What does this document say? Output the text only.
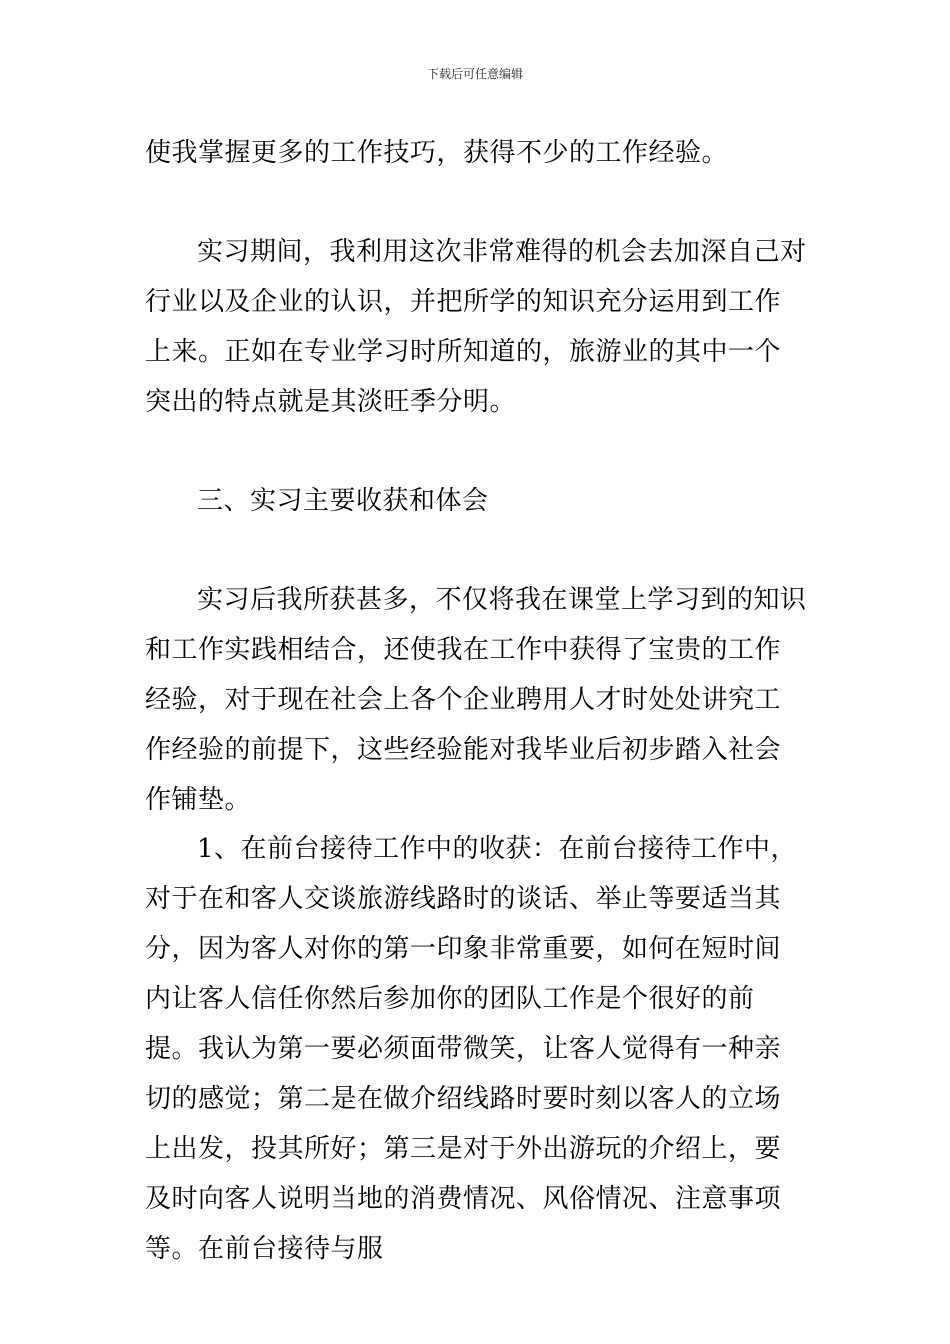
下载后可任意编辑

使我掌握更多的工作技巧，获得不少的工作经验。

实习期间，我利用这次非常难得的机会去加深自己对行业以及企业的认识，并把所学的知识充分运用到工作上来。正如在专业学习时所知道的，旅游业的其中一个突出的特点就是其淡旺季分明。

三、实习主要收获和体会

实习后我所获甚多，不仅将我在课堂上学习到的知识和工作实践相结合，还使我在工作中获得了宝贵的工作经验，对于现在社会上各个企业聘用人才时处处讲究工作经验的前提下，这些经验能对我毕业后初步踏入社会作铺垫。

1、在前台接待工作中的收获：在前台接待工作中，对于在和客人交谈旅游线路时的谈话、举止等要适当其分，因为客人对你的第一印象非常重要，如何在短时间内让客人信任你然后参加你的团队工作是个很好的前提。我认为第一要必须面带微笑，让客人觉得有一种亲切的感觉；第二是在做介绍线路时要时刻以客人的立场上出发，投其所好；第三是对于外出游玩的介绍上，要及时向客人说明当地的消费情况、风俗情况、注意事项等。在前台接待与服
